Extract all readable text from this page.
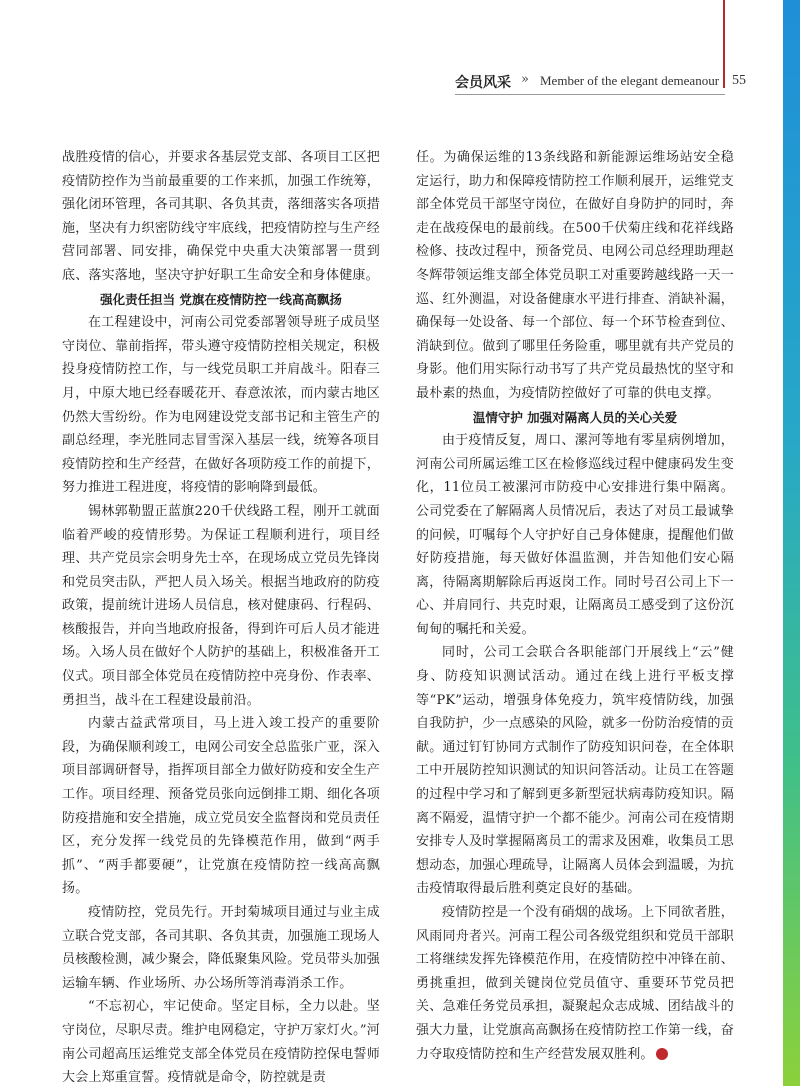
会员风采 » Member of the elegant demeanour 55

战胜疫情的信心，并要求各基层党支部、各项目工区把疫情防控作为当前最重要的工作来抓，加强工作统筹，强化闭环管理，各司其职、各负其责，落细落实各项措施，坚决有力织密防线守牢底线，把疫情防控与生产经营同部署、同安排，确保党中央重大决策部署一贯到底、落实落地，坚决守护好职工生命安全和身体健康。

强化责任担当 党旗在疫情防控一线高高飘扬

在工程建设中，河南公司党委部署领导班子成员坚守岗位、靠前指挥，带头遵守疫情防控相关规定，积极投身疫情防控工作，与一线党员职工并肩战斗。阳春三月，中原大地已经春暖花开、春意浓浓，而内蒙古地区仍然大雪纷纷。作为电网建设党支部书记和主管生产的副总经理，李光胜同志冒雪深入基层一线，统筹各项目疫情防控和生产经营，在做好各项防疫工作的前提下，努力推进工程进度，将疫情的影响降到最低。

锡林郭勒盟正蓝旗220千伏线路工程，刚开工就面临着严峻的疫情形势。为保证工程顺利进行，项目经理、共产党员宗会明身先士卒，在现场成立党员先锋岗和党员突击队，严把人员入场关。根据当地政府的防疫政策，提前统计进场人员信息，核对健康码、行程码、核酸报告，并向当地政府报备，得到许可后人员才能进场。入场人员在做好个人防护的基础上，积极准备开工仪式。项目部全体党员在疫情防控中亮身份、作表率、勇担当，战斗在工程建设最前沿。

内蒙古益武常项目，马上进入竣工投产的重要阶段，为确保顺利竣工，电网公司安全总监张广亚，深入项目部调研督导，指挥项目部全力做好防疫和安全生产工作。项目经理、预备党员张向远倒排工期、细化各项防疫措施和安全措施，成立党员安全监督岗和党员责任区，充分发挥一线党员的先锋模范作用，做到“两手抓”、“两手都要硬”，让党旗在疫情防控一线高高飘扬。

疫情防控，党员先行。开封菊城项目通过与业主成立联合党支部，各司其职、各负其责，加强施工现场人员核酸检测，减少聚会，降低聚集风险。党员带头加强运输车辆、作业场所、办公场所等消毒消杀工作。

“不忘初心，牢记使命。坚定目标，全力以赴。坚守岗位，尽职尽责。维护电网稳定，守护万家灯火。”河南公司超高压运维党支部全体党员在疫情防控保电誓师大会上郑重宣誓。疫情就是命令，防控就是责

任。为确保运维的13条线路和新能源运维场站安全稳定运行，助力和保障疫情防控工作顺利展开，运维党支部全体党员干部坚守岗位，在做好自身防护的同时，奔走在战疫保电的最前线。在500千伏菊庄线和花祥线路检修、技改过程中，预备党员、电网公司总经理助理赵冬辉带领运维支部全体党员职工对重要跨越线路一天一巡、红外测温，对设备健康水平进行排查、消缺补漏，确保每一处设备、每一个部位、每一个环节检查到位、消缺到位。做到了哪里任务险重，哪里就有共产党员的身影。他们用实际行动书写了共产党员最热忱的坚守和最朴素的热血，为疫情防控做好了可靠的供电支撑。

温情守护 加强对隔离人员的关心关爱

由于疫情反复，周口、漯河等地有零星病例增加，河南公司所属运维工区在检修巡线过程中健康码发生变化，11位员工被漯河市防疫中心安排进行集中隔离。公司党委在了解隔离人员情况后，表达了对员工最诚挚的问候，叮嘱每个人守护好自己身体健康，提醒他们做好防疫措施，每天做好体温监测，并告知他们安心隔离，待隔离期解除后再返岗工作。同时号召公司上下一心、并肩同行、共克时艰，让隔离员工感受到了这份沉甸甸的嘱托和关爱。

同时，公司工会联合各职能部门开展线上“云”健身、防疫知识测试活动。通过在线上进行平板支撑等“PK”运动，增强身体免疫力，筑牢疫情防线，加强自我防护，少一点感染的风险，就多一份防治疫情的贡献。通过钉钉协同方式制作了防疫知识问卷，在全体职工中开展防控知识测试的知识问答活动。让员工在答题的过程中学习和了解到更多新型冠状病毒防疫知识。隔离不隔爱，温情守护一个都不能少。河南公司在疫情期安排专人及时掌握隔离员工的需求及困难，收集员工思想动态，加强心理疏导，让隔离人员体会到温暖，为抗击疫情取得最后胜利奠定良好的基础。

疫情防控是一个没有硝烟的战场。上下同欲者胜，风雨同舟者兴。河南工程公司各级党组织和党员干部职工将继续发挥先锋模范作用，在疫情防控中冲锋在前、勇挑重担，做到关键岗位党员值守、重要环节党员把关、急难任务党员承担，凝聚起众志成城、团结战斗的强大力量，让党旗高高飘扬在疫情防控工作第一线，奋力夺取疫情防控和生产经营发展双胜利。	C
